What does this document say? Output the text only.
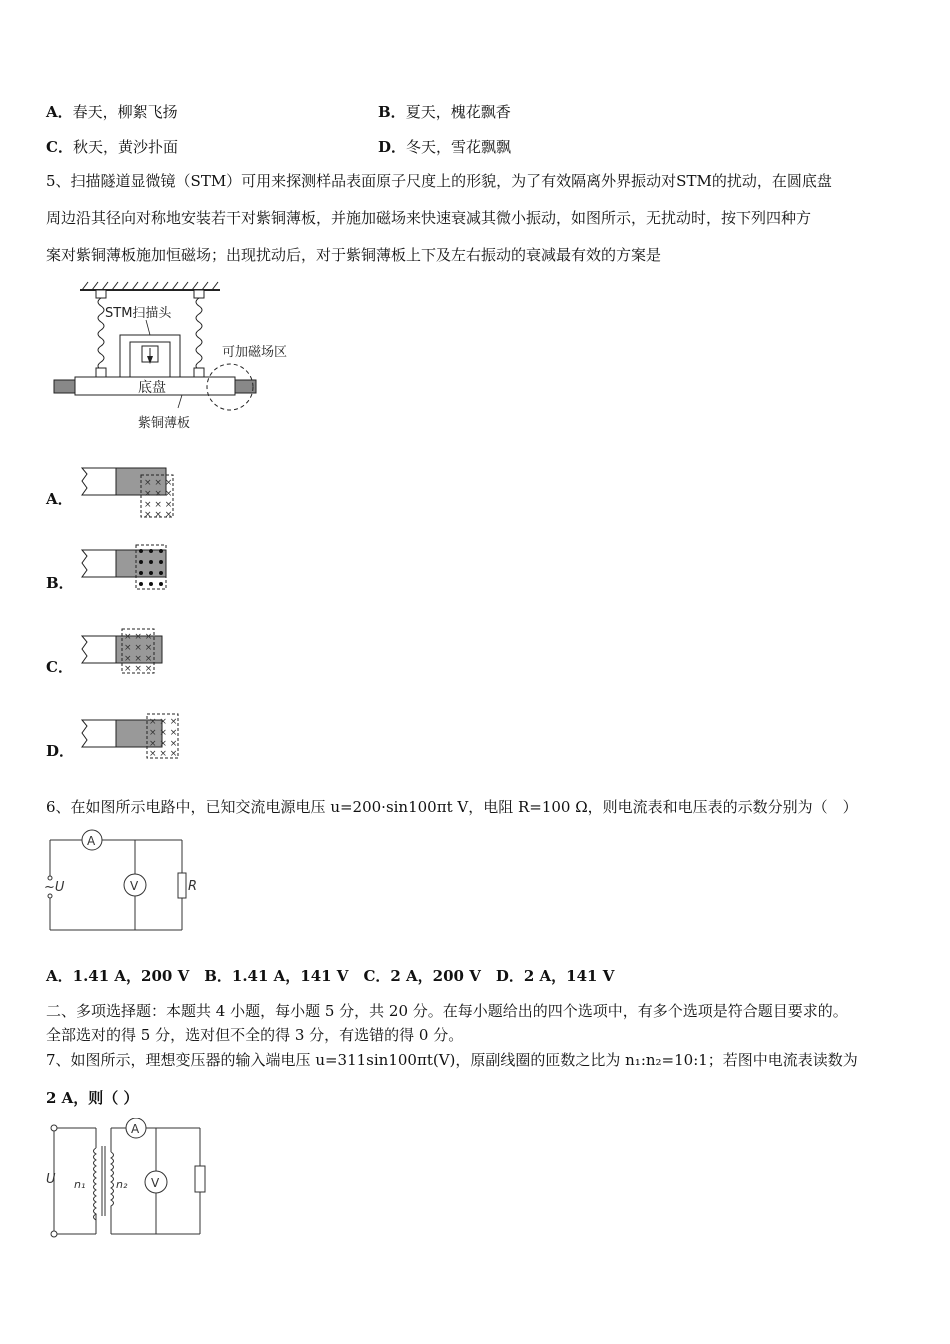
A．春天，柳絮飞扬	B．夏天，槐花飘香
C．秋天，黄沙扑面	D．冬天，雪花飘飘
5、扫描隧道显微镜（STM）可用来探测样品表面原子尺度上的形貌，为了有效隔离外界振动对STM的扰动，在圆底盘
周边沿其径向对称地安装若干对紫铜薄板，并施加磁场来快速衰减其微小振动，如图所示，无扰动时，按下列四种方
案对紫铜薄板施加恒磁场；出现扰动后，对于紫铜薄板上下及左右振动的衰减最有效的方案是
STM扫描头
底盘
可加磁场区
紫铜薄板
A．
× × ×
× × ×
× × ×
× × ×
B．
C．
× × ×
× × ×
× × ×
× × ×
D．
× × ×
× × ×
× × ×
× × ×
6、在如图所示电路中，已知交流电源电压 u=200·sin100πt V，电阻 R=100 Ω，则电流表和电压表的示数分别为（　）
A
V
~U	R
A．1.41 A，200 V　B．1.41 A，141 V　C．2 A，200 V　D．2 A，141 V
二、多项选择题：本题共 4 小题，每小题 5 分，共 20 分。在每小题给出的四个选项中，有多个选项是符合题目要求的。
全部选对的得 5 分，选对但不全的得 3 分，有选错的得 0 分。
7、如图所示，理想变压器的输入端电压 u=311sin100πt(V)，原副线圈的匝数之比为 n₁:n₂=10:1；若图中电流表读数为
2 A，则（ ）
A
V
U n₁	n₂
